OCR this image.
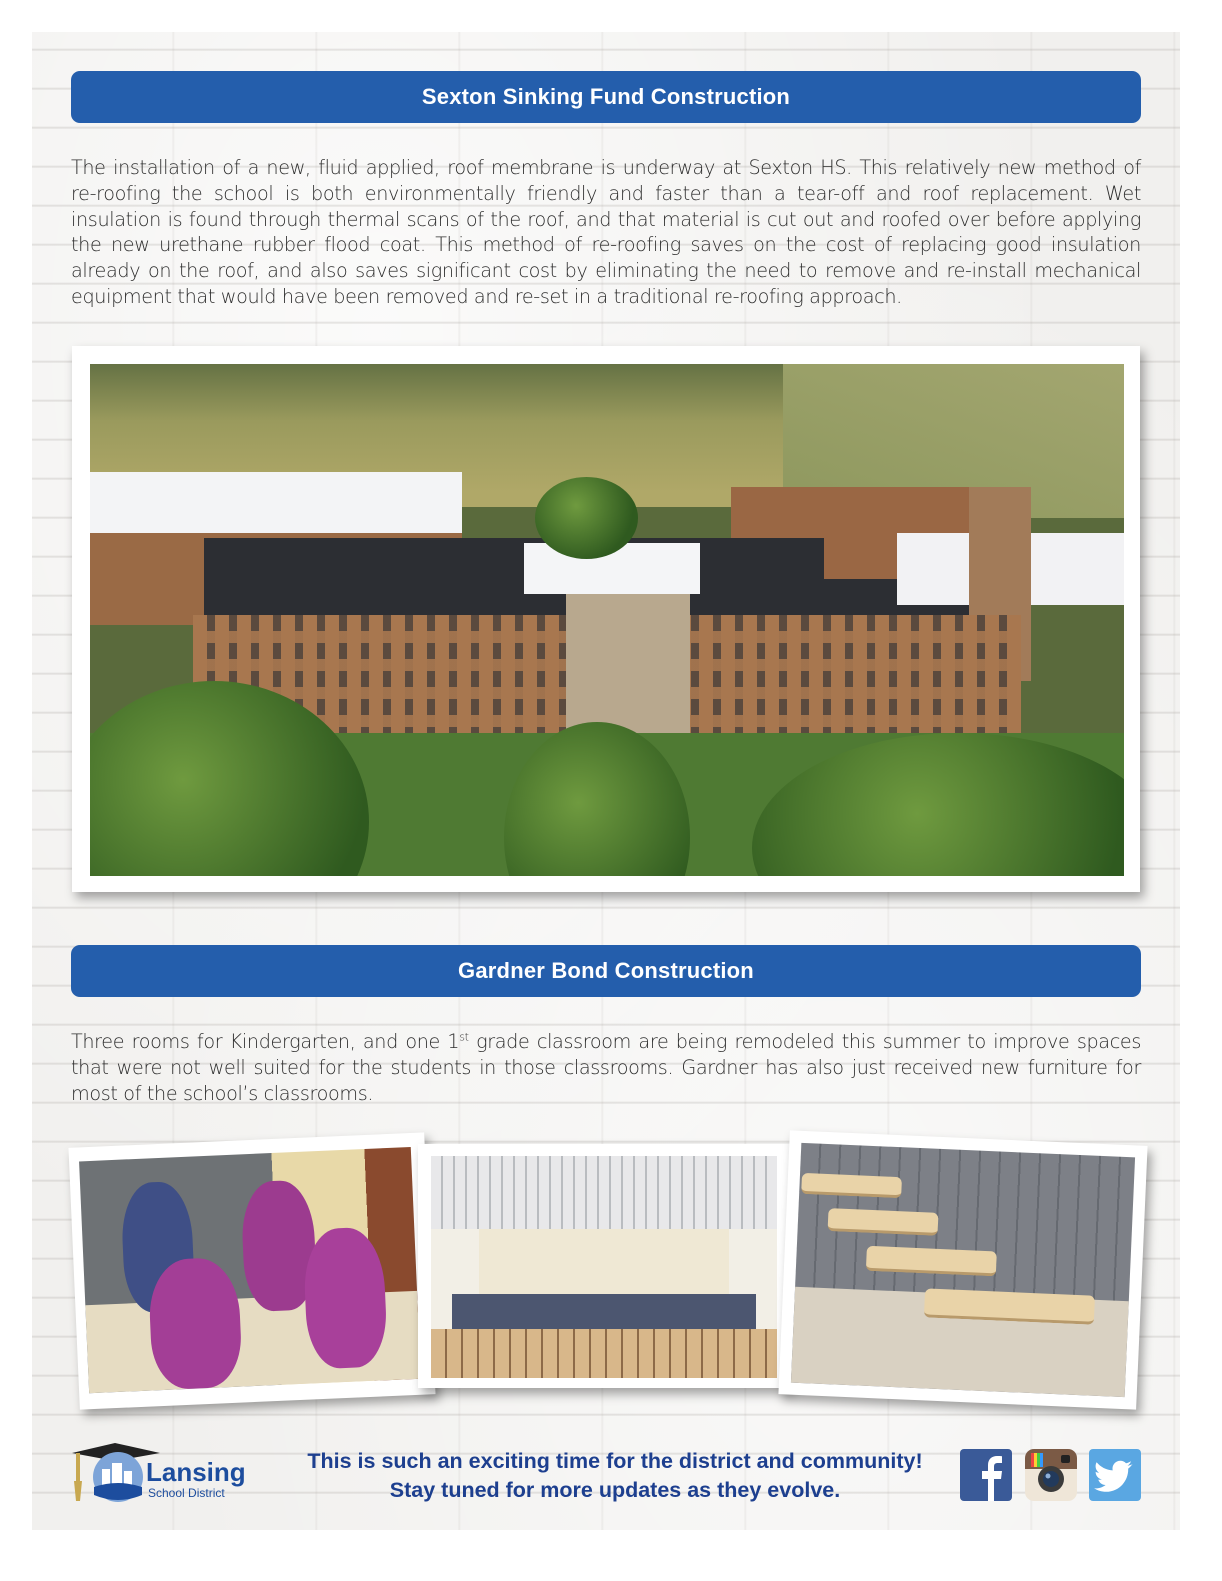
Sexton Sinking Fund Construction
The installation of a new, fluid applied, roof membrane is underway at Sexton HS. This relatively new method of re-roofing the school is both environmentally friendly and faster than a tear-off and roof replacement. Wet insulation is found through thermal scans of the roof, and that material is cut out and roofed over before applying the new urethane rubber flood coat. This method of re-roofing saves on the cost of replacing good insulation already on the roof, and also saves significant cost by eliminating the need to remove and re-install mechanical equipment that would have been removed and re-set in a traditional re-roofing approach.
Gardner Bond Construction
Three rooms for Kindergarten, and one 1st grade classroom are being remodeled this summer to improve spaces that were not well suited for the students in those classrooms. Gardner has also just received new furniture for most of the school’s classrooms.
Lansing
School District
This is such an exciting time for the district and community!
Stay tuned for more updates as they evolve.
